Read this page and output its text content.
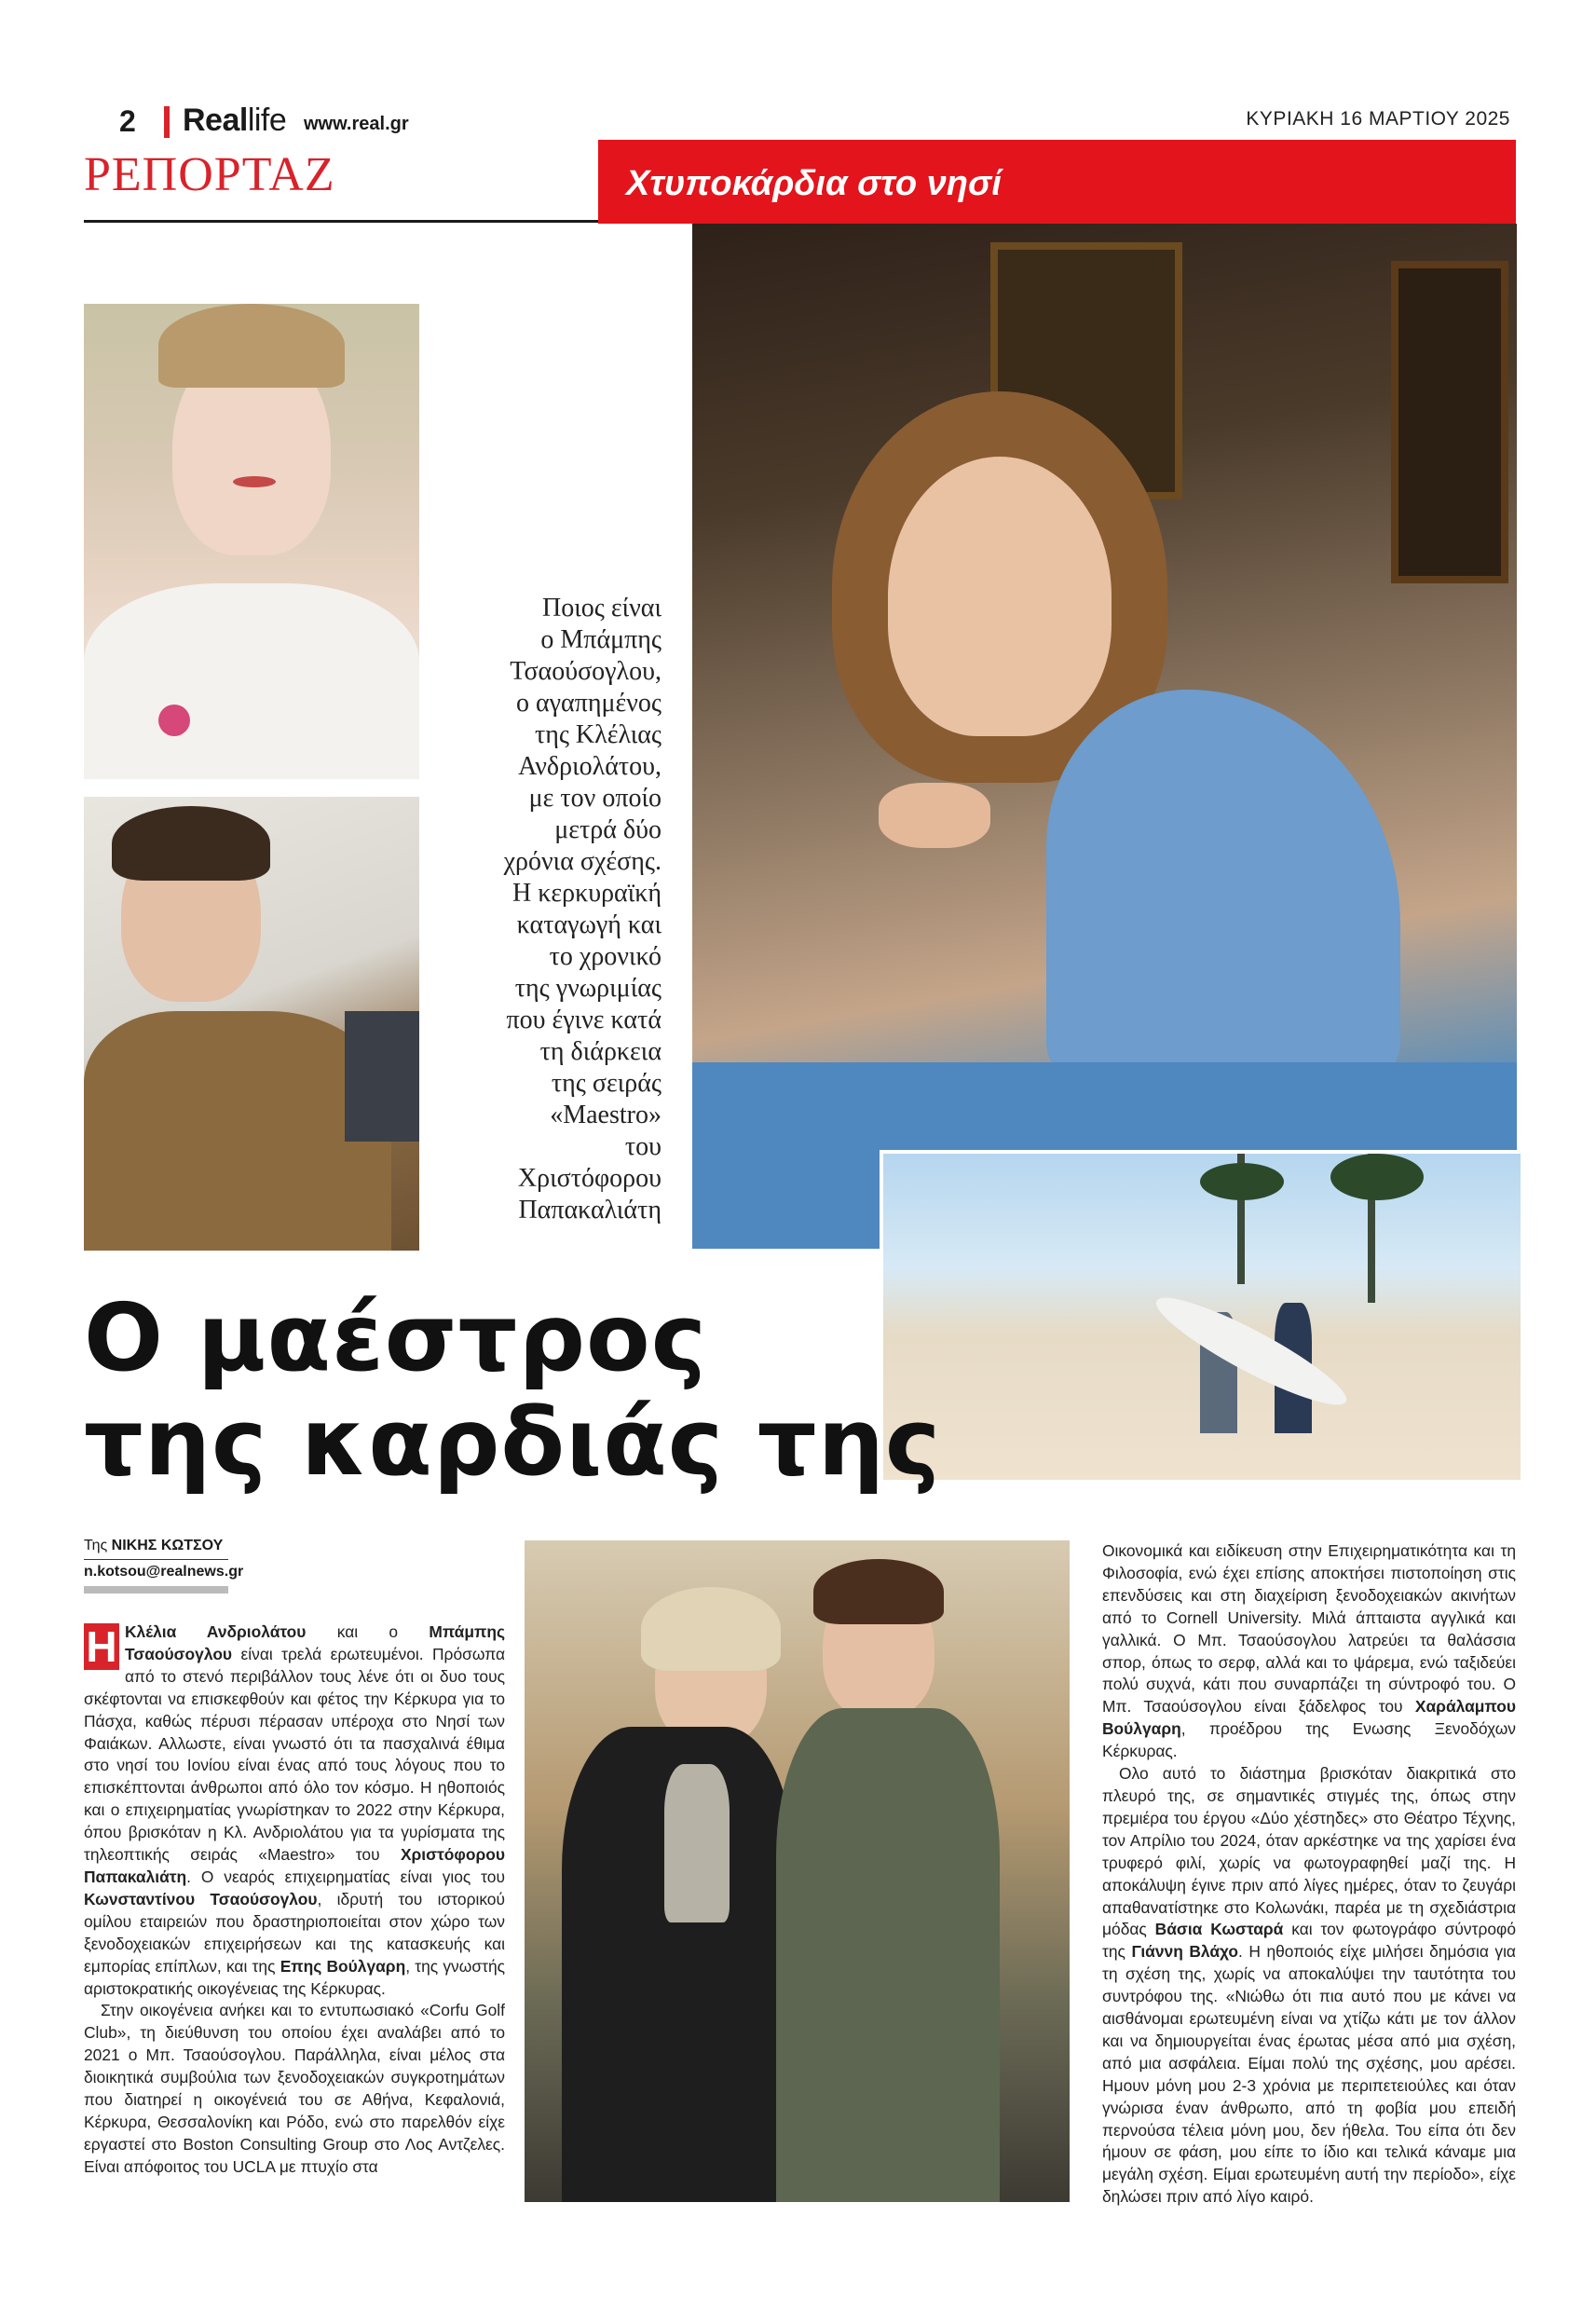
2 Reallife www.real.gr	ΚΥΡΙΑΚΗ 16 ΜΑΡΤΙΟΥ 2025
ΡΕΠΟΡΤΑΖ	Χτυποκάρδια στο νησί
Ποιος είναι
ο Μπάμπης
Τσαούσογλου,
ο αγαπημένος
της Κλέλιας
Ανδριολάτου,
με τον οποίο
μετρά δύο
χρόνια σχέσης.
Η κερκυραϊκή
καταγωγή και
το χρονικό
της γνωριμίας
που έγινε κατά
τη διάρκεια
της σειράς
«Maestro»
του
Χριστόφορου
Παπακαλιάτη
Ο μαέστρος
της καρδιάς της
Της ΝΙΚΗΣ ΚΩΤΣΟΥ
n.kotsou@realnews.gr

Η Κλέλια Ανδριολάτου και ο Μπάμπης Τσαούσογλου είναι τρελά ερωτευμένοι. Πρόσωπα από το στενό περιβάλλον τους λένε ότι οι δυο τους σκέφτονται να επισκεφθούν και φέτος την Κέρκυρα για το Πάσχα, καθώς πέρυσι πέρασαν υπέροχα στο Νησί των Φαιάκων. Αλλωστε, είναι γνωστό ότι τα πασχαλινά έθιμα στο νησί του Ιονίου είναι ένας από τους λόγους που το επισκέπτονται άνθρωποι από όλο τον κόσμο. Η ηθοποιός και ο επιχειρηματίας γνωρίστηκαν το 2022 στην Κέρκυρα, όπου βρισκόταν η Κλ. Ανδριολάτου για τα γυρίσματα της τηλεοπτικής σειράς «Maestro» του Χριστόφορου Παπακαλιάτη. Ο νεαρός επιχειρηματίας είναι γιος του Κωνσταντίνου Τσαούσογλου, ιδρυτή του ιστορικού ομίλου εταιρειών που δραστηριοποιείται στον χώρο των ξενοδοχειακών επιχειρήσεων και της κατασκευής και εμπορίας επίπλων, και της Επης Βούλγαρη, της γνωστής αριστοκρατικής οικογένειας της Κέρκυρας.

Στην οικογένεια ανήκει και το εντυπωσιακό «Corfu Golf Club», τη διεύθυνση του οποίου έχει αναλάβει από το 2021 ο Μπ. Τσαούσογλου. Παράλληλα, είναι μέλος στα διοικητικά συμβούλια των ξενοδοχειακών συγκροτημάτων που διατηρεί η οικογένειά του σε Αθήνα, Κεφαλονιά, Κέρκυρα, Θεσσαλονίκη και Ρόδο, ενώ στο παρελθόν είχε εργαστεί στο Boston Consulting Group στο Λος Αντζελες. Είναι απόφοιτος του UCLA με πτυχίο στα

Οικονομικά και ειδίκευση στην Επιχειρηματικότητα και τη Φιλοσοφία, ενώ έχει επίσης αποκτήσει πιστοποίηση στις επενδύσεις και στη διαχείριση ξενοδοχειακών ακινήτων από το Cornell University. Μιλά άπταιστα αγγλικά και γαλλικά. Ο Μπ. Τσαούσογλου λατρεύει τα θαλάσσια σπορ, όπως το σερφ, αλλά και το ψάρεμα, ενώ ταξιδεύει πολύ συχνά, κάτι που συναρπάζει τη σύντροφό του. Ο Μπ. Τσαούσογλου είναι ξάδελφος του Χαράλαμπου Βούλγαρη, προέδρου της Ενωσης Ξενοδόχων Κέρκυρας.

Ολο αυτό το διάστημα βρισκόταν διακριτικά στο πλευρό της, σε σημαντικές στιγμές της, όπως στην πρεμιέρα του έργου «Δύο χέστηδες» στο Θέατρο Τέχνης, τον Απρίλιο του 2024, όταν αρκέστηκε να της χαρίσει ένα τρυφερό φιλί, χωρίς να φωτογραφηθεί μαζί της. Η αποκάλυψη έγινε πριν από λίγες ημέρες, όταν το ζευγάρι απαθανατίστηκε στο Κολωνάκι, παρέα με τη σχεδιάστρια μόδας Βάσια Κωσταρά και τον φωτογράφο σύντροφό της Γιάννη Βλάχο. Η ηθοποιός είχε μιλήσει δημόσια για τη σχέση της, χωρίς να αποκαλύψει την ταυτότητα του συντρόφου της. «Νιώθω ότι πια αυτό που με κάνει να αισθάνομαι ερωτευμένη είναι να χτίζω κάτι με τον άλλον και να δημιουργείται ένας έρωτας μέσα από μια σχέση, από μια ασφάλεια. Είμαι πολύ της σχέσης, μου αρέσει. Ημουν μόνη μου 2-3 χρόνια με περιπετειούλες και όταν γνώρισα έναν άνθρωπο, από τη φοβία μου επειδή περνούσα τέλεια μόνη μου, δεν ήθελα. Του είπα ότι δεν ήμουν σε φάση, μου είπε το ίδιο και τελικά κάναμε μια μεγάλη σχέση. Είμαι ερωτευμένη αυτή την περίοδο», είχε δηλώσει πριν από λίγο καιρό.
